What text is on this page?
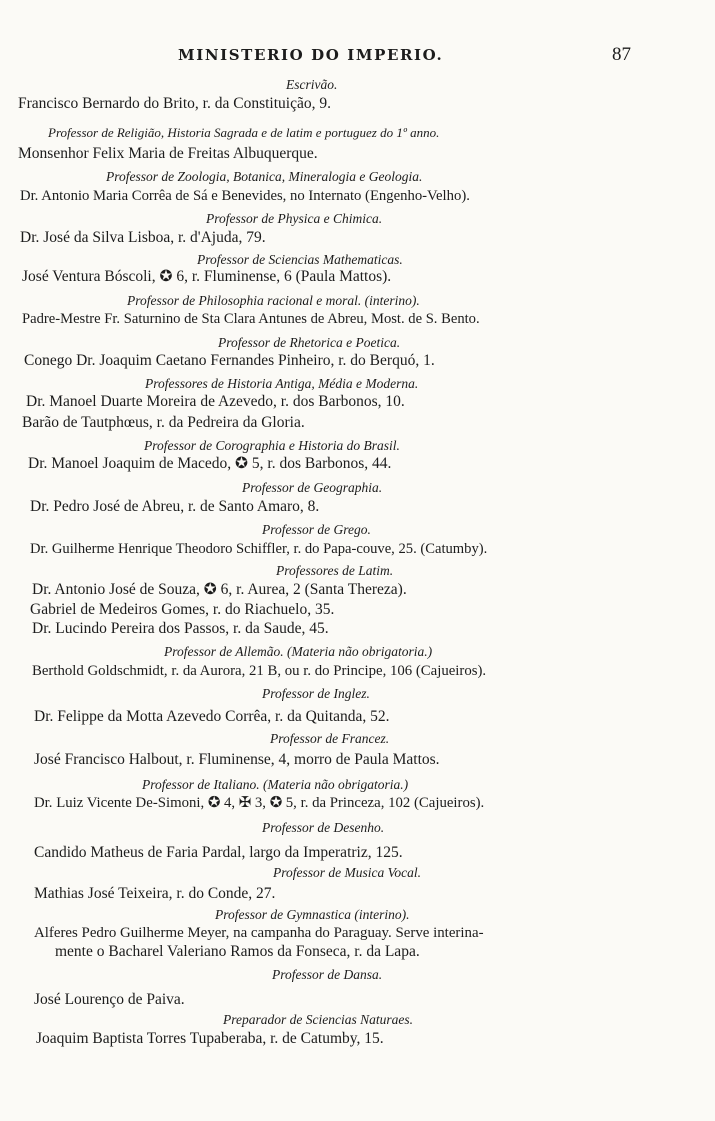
MINISTERIO DO IMPERIO.	87
Escrivão.
Francisco Bernardo do Brito, r. da Constituição, 9.
Professor de Religião, Historia Sagrada e de latim e portuguez do 1º anno.
Monsenhor Felix Maria de Freitas Albuquerque.
Professor de Zoologia, Botanica, Mineralogia e Geologia.
Dr. Antonio Maria Corrêa de Sá e Benevides, no Internato (Engenho-Velho).
Professor de Physica e Chimica.
Dr. José da Silva Lisboa, r. d'Ajuda, 79.
Professor de Sciencias Mathematicas.
José Ventura Bóscoli, ✪ 6, r. Fluminense, 6 (Paula Mattos).
Professor de Philosophia racional e moral. (interino).
Padre-Mestre Fr. Saturnino de Sta Clara Antunes de Abreu, Most. de S. Bento.
Professor de Rhetorica e Poetica.
Conego Dr. Joaquim Caetano Fernandes Pinheiro, r. do Berquó, 1.
Professores de Historia Antiga, Média e Moderna.
Dr. Manoel Duarte Moreira de Azevedo, r. dos Barbonos, 10.
Barão de Tautphœus, r. da Pedreira da Gloria.
Professor de Corographia e Historia do Brasil.
Dr. Manoel Joaquim de Macedo, ✪ 5, r. dos Barbonos, 44.
Professor de Geographia.
Dr. Pedro José de Abreu, r. de Santo Amaro, 8.
Professor de Grego.
Dr. Guilherme Henrique Theodoro Schiffler, r. do Papa-couve, 25. (Catumby).
Professores de Latim.
Dr. Antonio José de Souza, ✪ 6, r. Aurea, 2 (Santa Thereza).
Gabriel de Medeiros Gomes, r. do Riachuelo, 35.
Dr. Lucindo Pereira dos Passos, r. da Saude, 45.
Professor de Allemão. (Materia não obrigatoria.)
Berthold Goldschmidt, r. da Aurora, 21 B, ou r. do Principe, 106 (Cajueiros).
Professor de Inglez.
Dr. Felippe da Motta Azevedo Corrêa, r. da Quitanda, 52.
Professor de Francez.
José Francisco Halbout, r. Fluminense, 4, morro de Paula Mattos.
Professor de Italiano. (Materia não obrigatoria.)
Dr. Luiz Vicente De-Simoni, ✪ 4, ✠ 3, ✪ 5, r. da Princeza, 102 (Cajueiros).
Professor de Desenho.
Candido Matheus de Faria Pardal, largo da Imperatriz, 125.
Professor de Musica Vocal.
Mathias José Teixeira, r. do Conde, 27.
Professor de Gymnastica (interino).
Alferes Pedro Guilherme Meyer, na campanha do Paraguay. Serve interina-
mente o Bacharel Valeriano Ramos da Fonseca, r. da Lapa.
Professor de Dansa.
José Lourenço de Paiva.
Preparador de Sciencias Naturaes.
Joaquim Baptista Torres Tupaberaba, r. de Catumby, 15.
